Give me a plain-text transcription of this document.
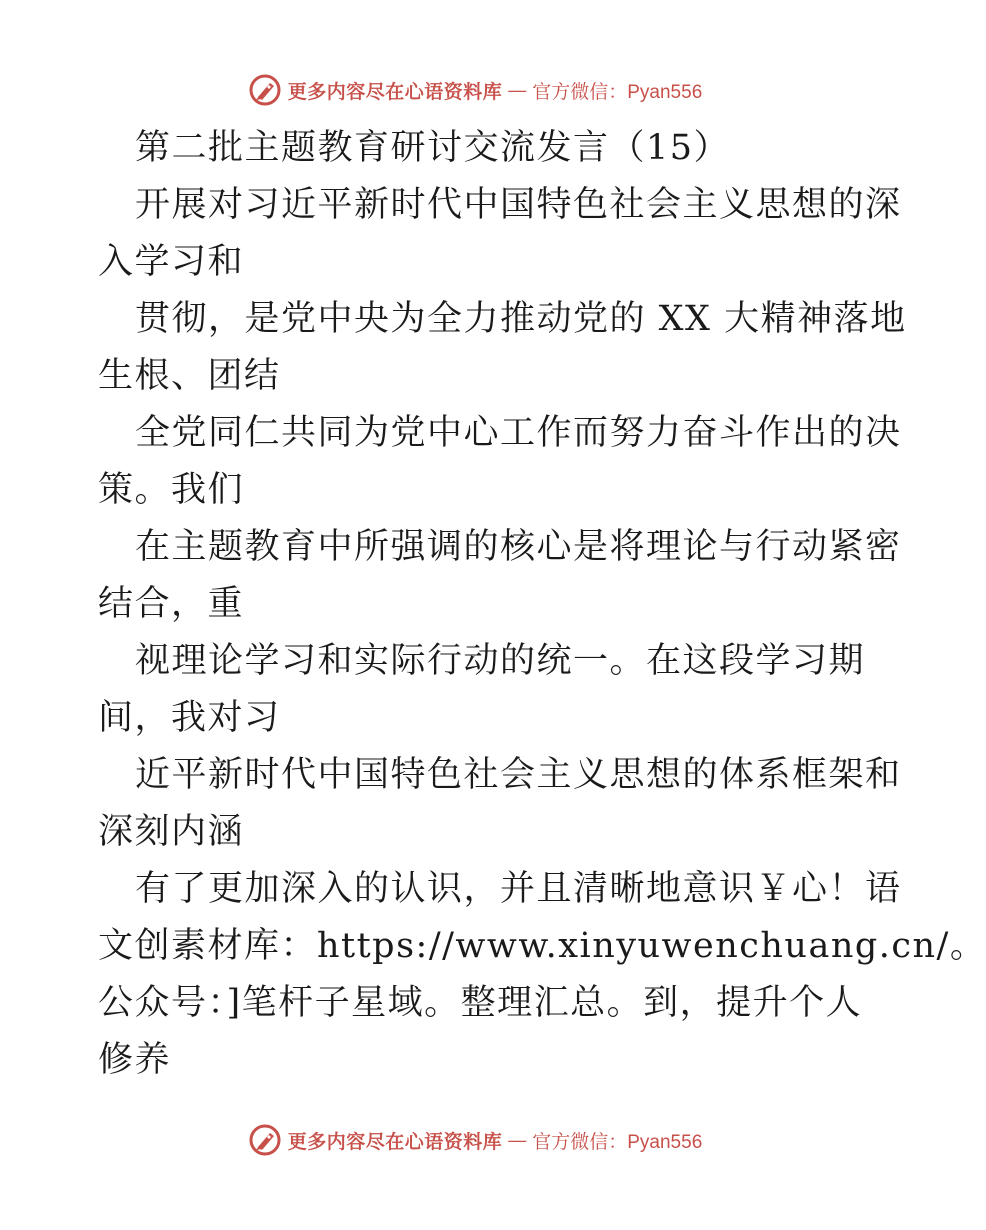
更多内容尽在心语资料库 — 官方微信：Pyan556
第二批主题教育研讨交流发言（15）
开展对习近平新时代中国特色社会主义思想的深
入学习和
贯彻，是党中央为全力推动党的 XX 大精神落地
生根、团结
全党同仁共同为党中心工作而努力奋斗作出的决
策。我们
在主题教育中所强调的核心是将理论与行动紧密
结合，重
视理论学习和实际行动的统一。在这段学习期
间，我对习
近平新时代中国特色社会主义思想的体系框架和
深刻内涵
有了更加深入的认识，并且清晰地意识￥心！语
文创素材库：https://www.xinyuwenchuang.cn/。
公众号：]笔杆子星域。整理汇总。到，提升个人
修养
更多内容尽在心语资料库 — 官方微信：Pyan556
